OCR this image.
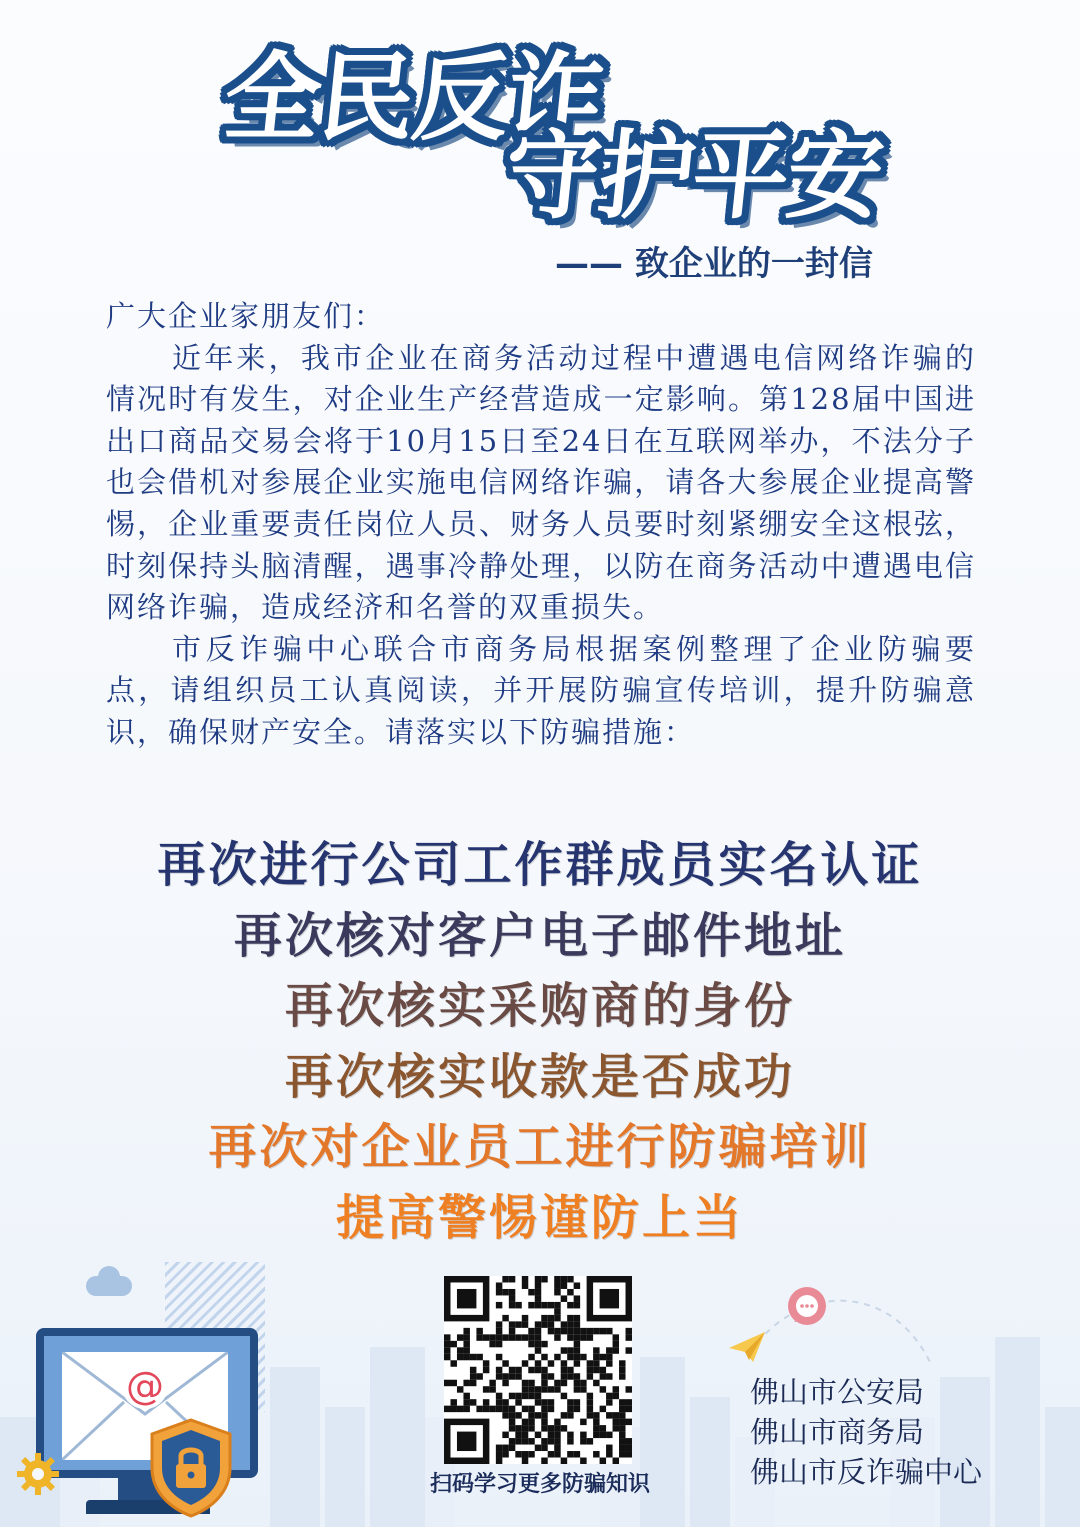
全民反诈
守护平安

—— 致企业的一封信

广大企业家朋友们：

近年来，我市企业在商务活动过程中遭遇电信网络诈骗的情况时有发生，对企业生产经营造成一定影响。第128届中国进出口商品交易会将于10月15日至24日在互联网举办，不法分子也会借机对参展企业实施电信网络诈骗，请各大参展企业提高警惕，企业重要责任岗位人员、财务人员要时刻紧绷安全这根弦，时刻保持头脑清醒，遇事冷静处理，以防在商务活动中遭遇电信网络诈骗，造成经济和名誉的双重损失。

市反诈骗中心联合市商务局根据案例整理了企业防骗要点，请组织员工认真阅读，并开展防骗宣传培训，提升防骗意识，确保财产安全。请落实以下防骗措施：

再次进行公司工作群成员实名认证

再次核对客户电子邮件地址

再次核实采购商的身份

再次核实收款是否成功

再次对企业员工进行防骗培训

提高警惕谨防上当

@

扫码学习更多防骗知识

佛山市公安局
佛山市商务局
佛山市反诈骗中心
